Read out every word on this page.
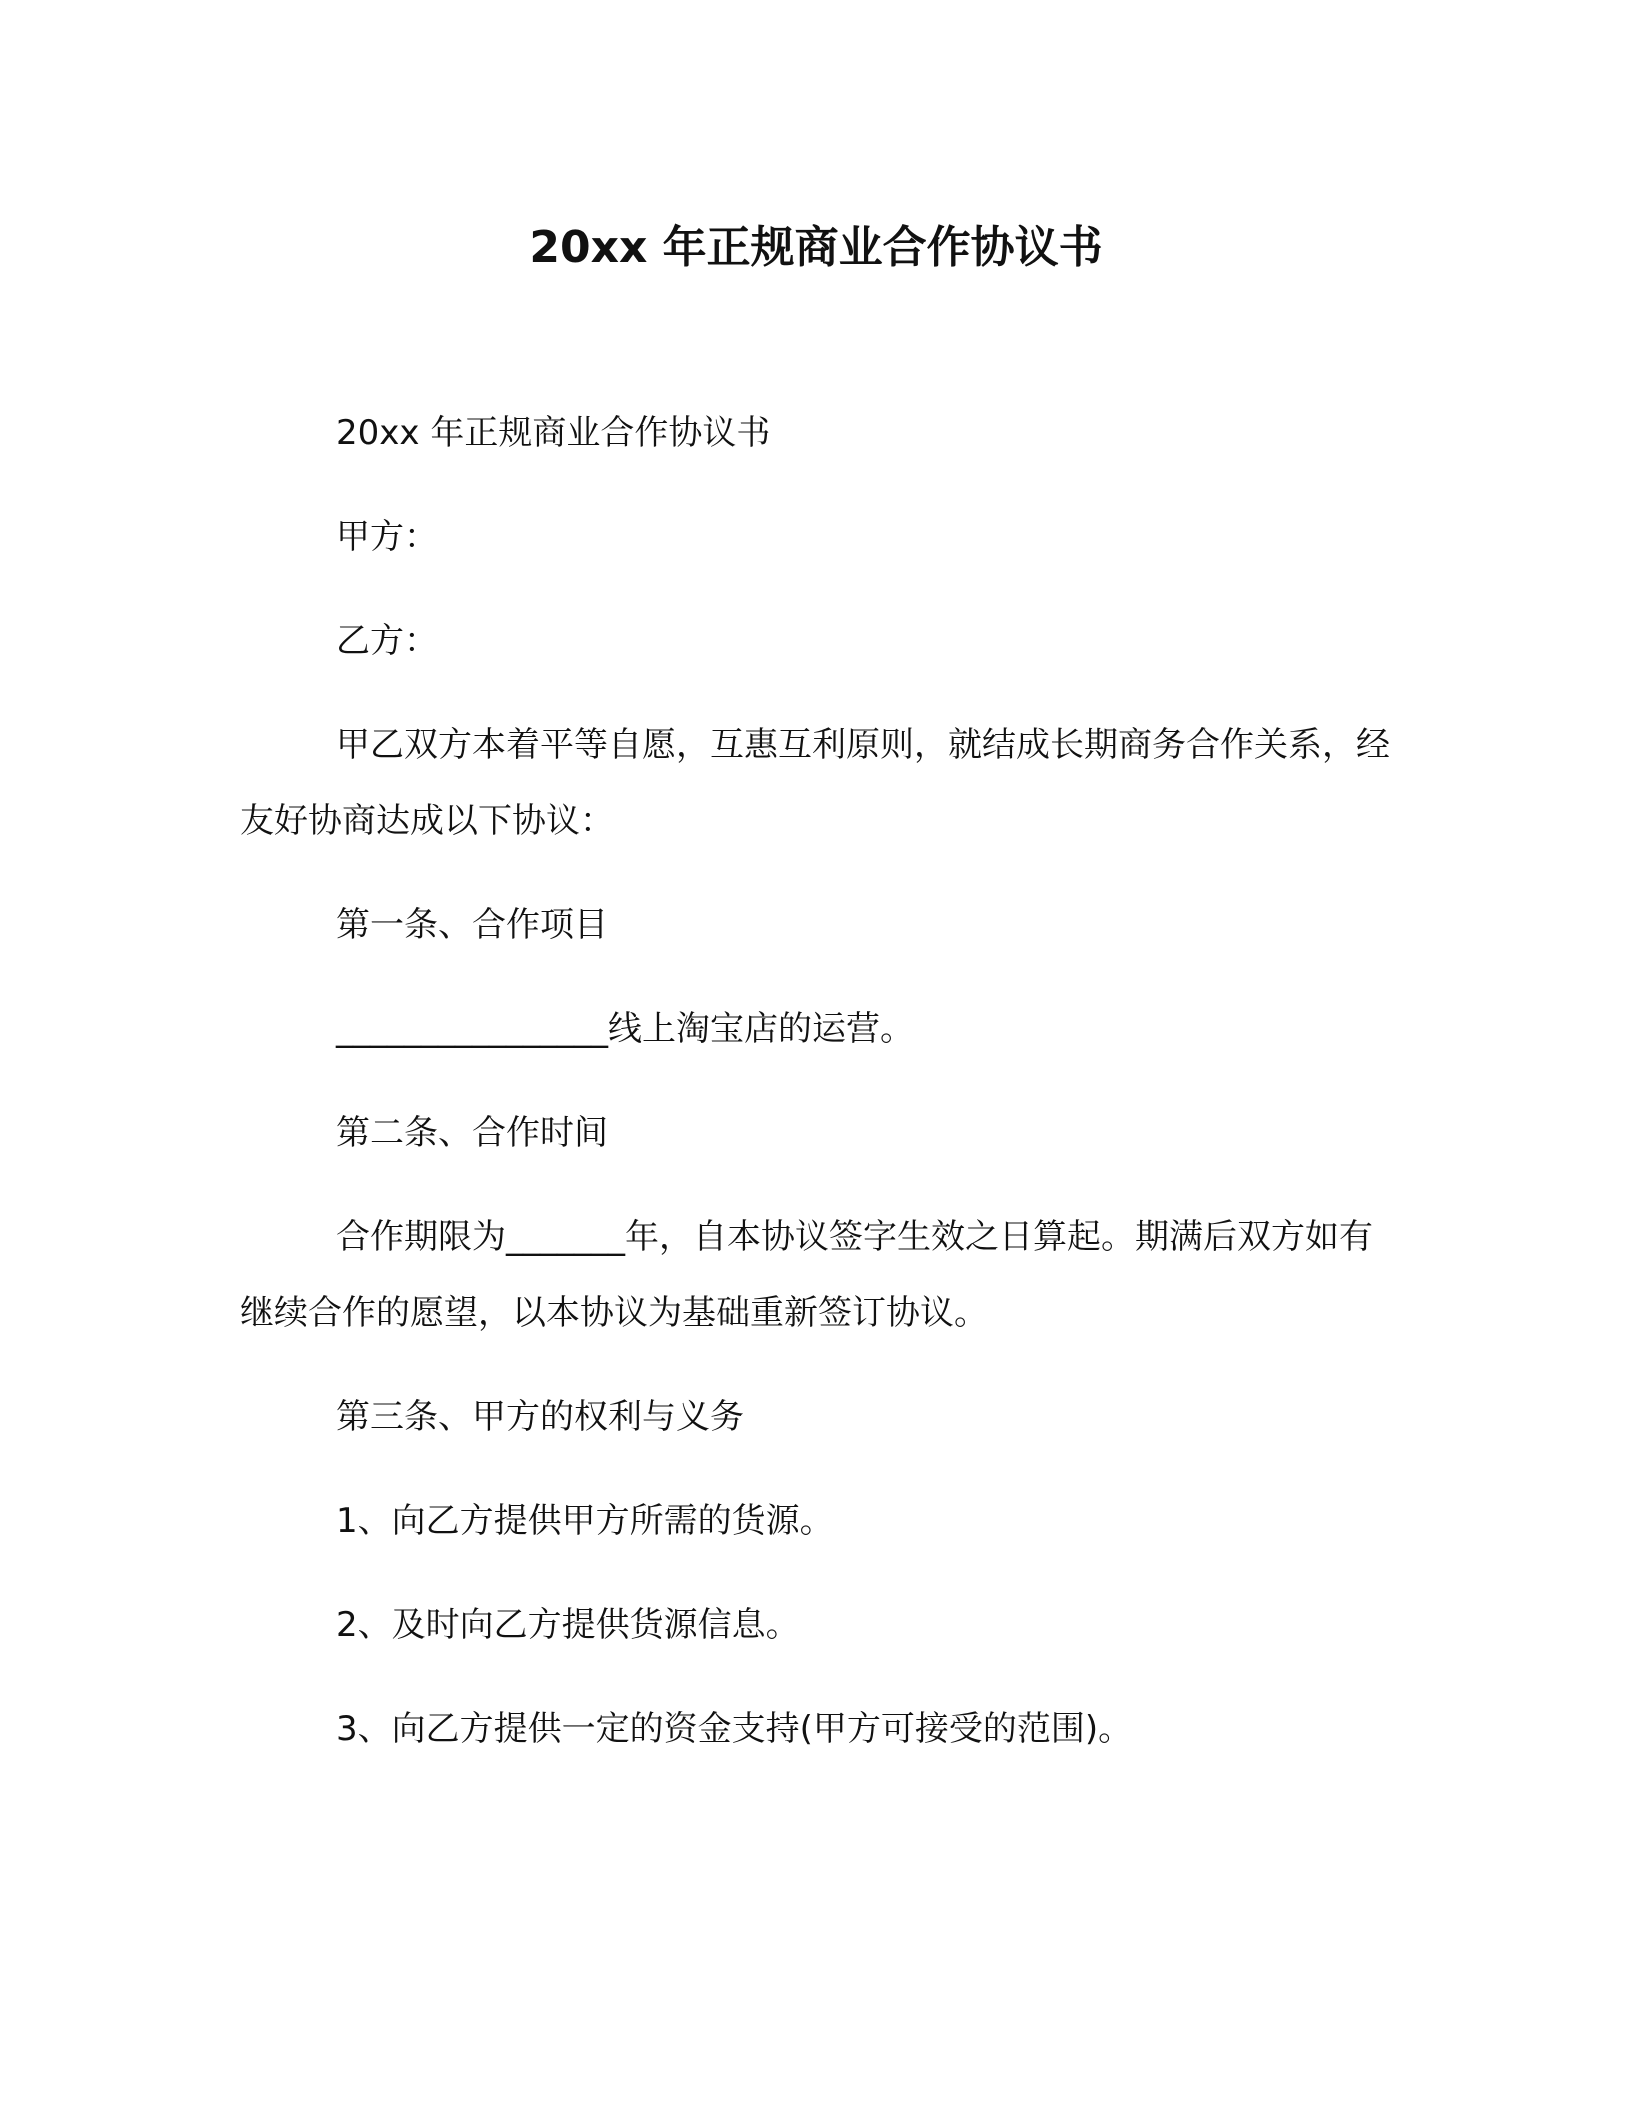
20xx 年正规商业合作协议书

20xx 年正规商业合作协议书

甲方：

乙方：

甲乙双方本着平等自愿，互惠互利原则，就结成长期商务合作关系，经友好协商达成以下协议：

第一条、合作项目

________________线上淘宝店的运营。

第二条、合作时间

合作期限为_______年，自本协议签字生效之日算起。期满后双方如有继续合作的愿望，以本协议为基础重新签订协议。

第三条、甲方的权利与义务

1、向乙方提供甲方所需的货源。

2、及时向乙方提供货源信息。

3、向乙方提供一定的资金支持(甲方可接受的范围)。
